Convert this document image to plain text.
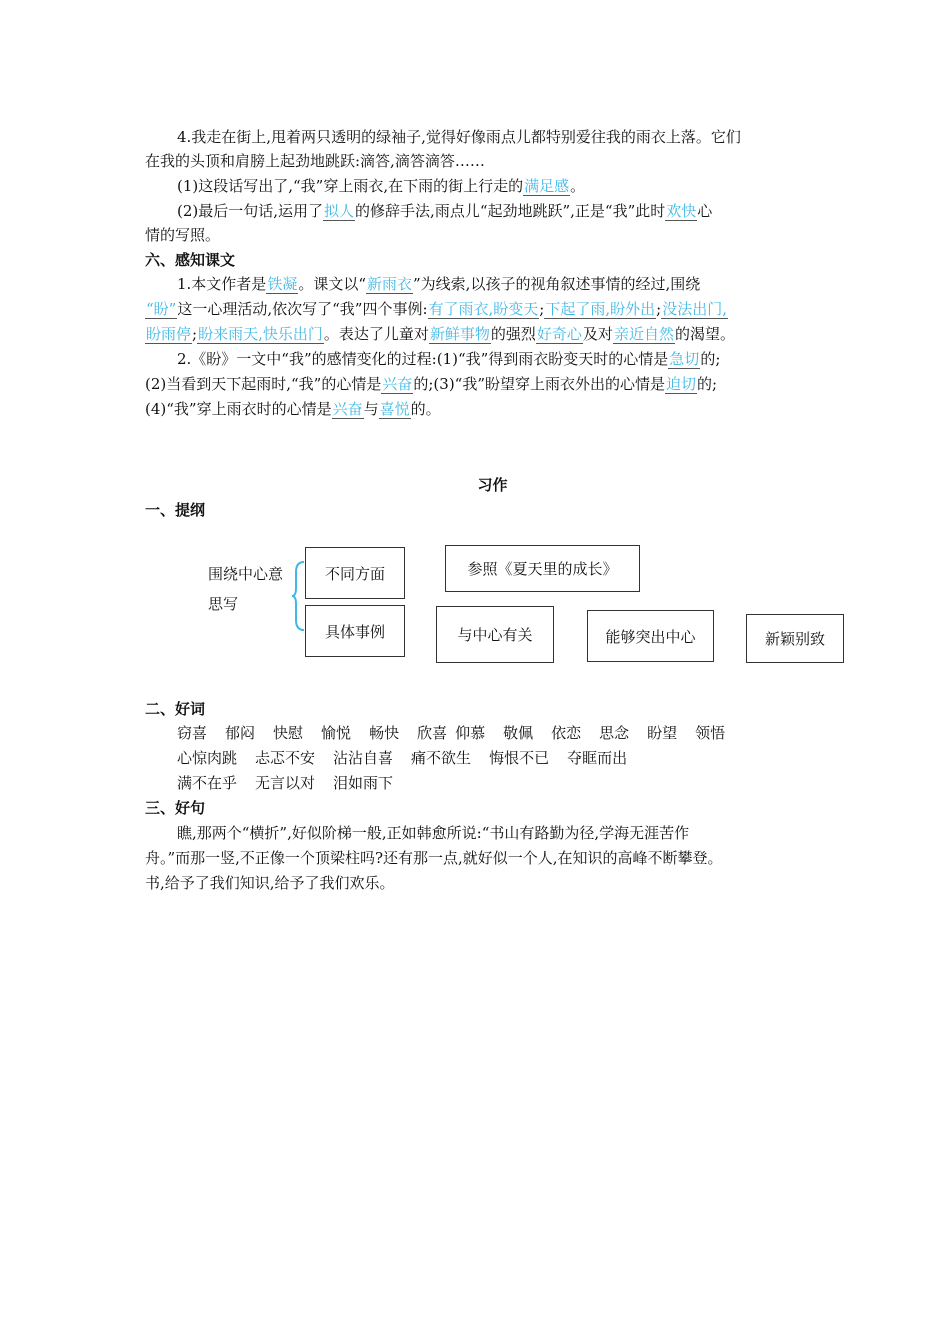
4.我走在街上,甩着两只透明的绿袖子,觉得好像雨点儿都特别爱往我的雨衣上落。它们
在我的头顶和肩膀上起劲地跳跃:滴答,滴答滴答……
(1)这段话写出了,“我”穿上雨衣,在下雨的街上行走的满足感。
(2)最后一句话,运用了拟人的修辞手法,雨点儿“起劲地跳跃”,正是“我”此时欢快心
情的写照。
六、感知课文
1.本文作者是铁凝。课文以“新雨衣”为线索,以孩子的视角叙述事情的经过,围绕
“盼”这一心理活动,依次写了“我”四个事例:有了雨衣,盼变天;下起了雨,盼外出;没法出门,
盼雨停;盼来雨天,快乐出门。表达了儿童对新鲜事物的强烈好奇心及对亲近自然的渴望。
2.《盼》一文中“我”的感情变化的过程:(1)“我”得到雨衣盼变天时的心情是急切的;
(2)当看到天下起雨时,“我”的心情是兴奋的;(3)“我”盼望穿上雨衣外出的心情是迫切的;
(4)“我”穿上雨衣时的心情是兴奋与喜悦的。
习作
一、提纲
围绕中心意
思写
不同方面
具体事例
参照《夏天里的成长》
与中心有关	能够突出中心	新颖别致
二、好词
窃喜 郁闷 快慰 愉悦 畅快 欣喜 仰慕 敬佩 依恋 思念 盼望 领悟
心惊肉跳 忐忑不安 沾沾自喜 痛不欲生 悔恨不已 夺眶而出
满不在乎 无言以对 泪如雨下
三、好句
瞧,那两个“横折”,好似阶梯一般,正如韩愈所说:“书山有路勤为径,学海无涯苦作
舟。”而那一竖,不正像一个顶梁柱吗?还有那一点,就好似一个人,在知识的高峰不断攀登。
书,给予了我们知识,给予了我们欢乐。
